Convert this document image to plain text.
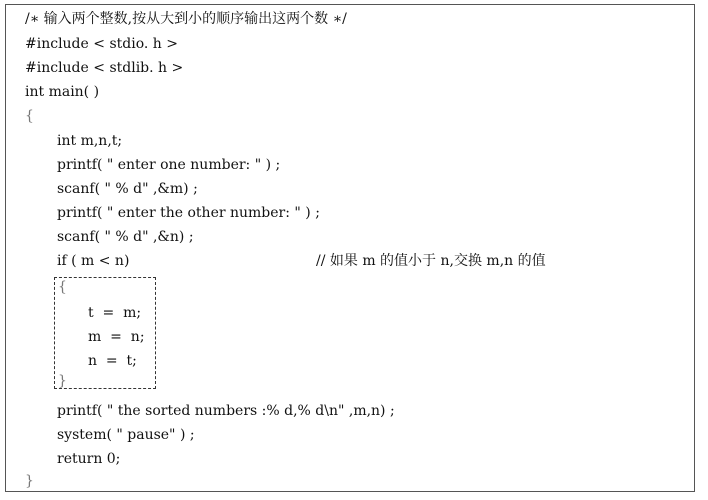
/∗ 输入两个整数,按从大到小的顺序输出这两个数 ∗/
#include < stdio. h >
#include < stdlib. h >
int main( )
{
int m,n,t;
printf( " enter one number: " ) ;
scanf( " % d" ,&m) ;
printf( " enter the other number: " ) ;
scanf( " % d" ,&n) ;
if ( m < n)	// 如果 m 的值小于 n,交换 m,n 的值
{
t  =  m;
m  =  n;
n  =  t;
}
printf( " the sorted numbers :% d,% d\n" ,m,n) ;
system( " pause" ) ;
return 0;
}
